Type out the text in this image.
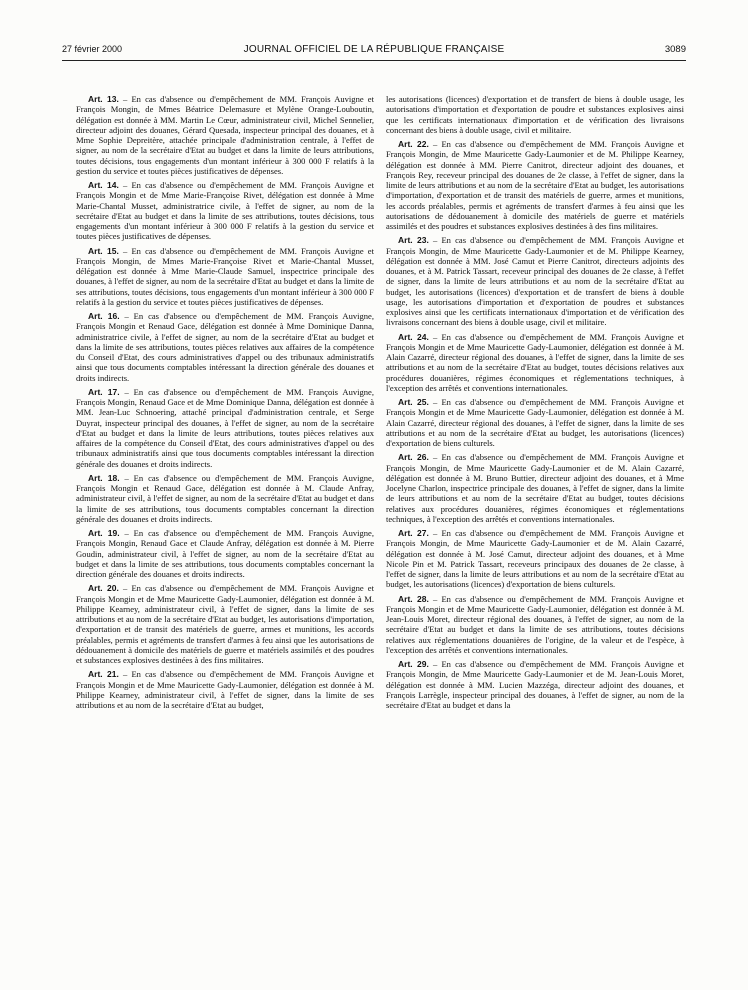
27 février 2000	JOURNAL OFFICIEL DE LA RÉPUBLIQUE FRANÇAISE	3089

Art. 13. – En cas d'absence ou d'empêchement de MM. François Auvigne et François Mongin, de Mmes Béatrice Delemasure et Mylène Orange-Louboutin, délégation est donnée à MM. Martin Le Cœur, administrateur civil, Michel Sennelier, directeur adjoint des douanes, Gérard Quesada, inspecteur principal des douanes, et à Mme Sophie Depreitère, attachée principale d'administration centrale, à l'effet de signer, au nom de la secrétaire d'Etat au budget et dans la limite de leurs attributions, toutes décisions, tous engagements d'un montant inférieur à 300 000 F relatifs à la gestion du service et toutes pièces justificatives de dépenses.

Art. 14. – En cas d'absence ou d'empêchement de MM. François Auvigne et François Mongin et de Mme Marie-Françoise Rivet, délégation est donnée à Mme Marie-Chantal Musset, administratrice civile, à l'effet de signer, au nom de la secrétaire d'Etat au budget et dans la limite de ses attributions, toutes décisions, tous engagements d'un montant inférieur à 300 000 F relatifs à la gestion du service et toutes pièces justificatives de dépenses.

Art. 15. – En cas d'absence ou d'empêchement de MM. François Auvigne et François Mongin, de Mmes Marie-Françoise Rivet et Marie-Chantal Musset, délégation est donnée à Mme Marie-Claude Samuel, inspectrice principale des douanes, à l'effet de signer, au nom de la secrétaire d'Etat au budget et dans la limite de ses attributions, toutes décisions, tous engagements d'un montant inférieur à 300 000 F relatifs à la gestion du service et toutes pièces justificatives de dépenses.

Art. 16. – En cas d'absence ou d'empêchement de MM. François Auvigne, François Mongin et Renaud Gace, délégation est donnée à Mme Dominique Danna, administratrice civile, à l'effet de signer, au nom de la secrétaire d'Etat au budget et dans la limite de ses attributions, toutes pièces relatives aux affaires de la compétence du Conseil d'Etat, des cours administratives d'appel ou des tribunaux administratifs ainsi que tous documents comptables intéressant la direction générale des douanes et droits indirects.

Art. 17. – En cas d'absence ou d'empêchement de MM. François Auvigne, François Mongin, Renaud Gace et de Mme Dominique Danna, délégation est donnée à MM. Jean-Luc Schnoering, attaché principal d'administration centrale, et Serge Duyrat, inspecteur principal des douanes, à l'effet de signer, au nom de la secrétaire d'Etat au budget et dans la limite de leurs attributions, toutes pièces relatives aux affaires de la compétence du Conseil d'Etat, des cours administratives d'appel ou des tribunaux administratifs ainsi que tous documents comptables intéressant la direction générale des douanes et droits indirects.

Art. 18. – En cas d'absence ou d'empêchement de MM. François Auvigne, François Mongin et Renaud Gace, délégation est donnée à M. Claude Anfray, administrateur civil, à l'effet de signer, au nom de la secrétaire d'Etat au budget et dans la limite de ses attributions, tous documents comptables concernant la direction générale des douanes et droits indirects.

Art. 19. – En cas d'absence ou d'empêchement de MM. François Auvigne, François Mongin, Renaud Gace et Claude Anfray, délégation est donnée à M. Pierre Goudin, administrateur civil, à l'effet de signer, au nom de la secrétaire d'Etat au budget et dans la limite de ses attributions, tous documents comptables concernant la direction générale des douanes et droits indirects.

Art. 20. – En cas d'absence ou d'empêchement de MM. François Auvigne et François Mongin et de Mme Mauricette Gady-Laumonier, délégation est donnée à M. Philippe Kearney, administrateur civil, à l'effet de signer, dans la limite de ses attributions et au nom de la secrétaire d'Etat au budget, les autorisations d'importation, d'exportation et de transit des matériels de guerre, armes et munitions, les accords préalables, permis et agréments de transfert d'armes à feu ainsi que les autorisations de dédouanement à domicile des matériels de guerre et matériels assimilés et des poudres et substances explosives destinées à des fins militaires.

Art. 21. – En cas d'absence ou d'empêchement de MM. François Auvigne et François Mongin et de Mme Mauricette Gady-Laumonier, délégation est donnée à M. Philippe Kearney, administrateur civil, à l'effet de signer, dans la limite de ses attributions et au nom de la secrétaire d'Etat au budget,

les autorisations (licences) d'exportation et de transfert de biens à double usage, les autorisations d'importation et d'exportation de poudre et substances explosives ainsi que les certificats internationaux d'importation et de vérification des livraisons concernant des biens à double usage, civil et militaire.

Art. 22. – En cas d'absence ou d'empêchement de MM. François Auvigne et François Mongin, de Mme Mauricette Gady-Laumonier et de M. Philippe Kearney, délégation est donnée à MM. Pierre Canitrot, directeur adjoint des douanes, et François Rey, receveur principal des douanes de 2e classe, à l'effet de signer, dans la limite de leurs attributions et au nom de la secrétaire d'Etat au budget, les autorisations d'importation, d'exportation et de transit des matériels de guerre, armes et munitions, les accords préalables, permis et agréments de transfert d'armes à feu ainsi que les autorisations de dédouanement à domicile des matériels de guerre et matériels assimilés et des poudres et substances explosives destinées à des fins militaires.

Art. 23. – En cas d'absence ou d'empêchement de MM. François Auvigne et François Mongin, de Mme Mauricette Gady-Laumonier et de M. Philippe Kearney, délégation est donnée à MM. José Camut et Pierre Canitrot, directeurs adjoints des douanes, et à M. Patrick Tassart, receveur principal des douanes de 2e classe, à l'effet de signer, dans la limite de leurs attributions et au nom de la secrétaire d'Etat au budget, les autorisations (licences) d'exportation et de transfert de biens à double usage, les autorisations d'importation et d'exportation de poudres et substances explosives ainsi que les certificats internationaux d'importation et de vérification des livraisons concernant des biens à double usage, civil et militaire.

Art. 24. – En cas d'absence ou d'empêchement de MM. François Auvigne et François Mongin et de Mme Mauricette Gady-Laumonier, délégation est donnée à M. Alain Cazarré, directeur régional des douanes, à l'effet de signer, dans la limite de ses attributions et au nom de la secrétaire d'Etat au budget, toutes décisions relatives aux procédures douanières, régimes économiques et réglementations techniques, à l'exception des arrêtés et conventions internationales.

Art. 25. – En cas d'absence ou d'empêchement de MM. François Auvigne et François Mongin et de Mme Mauricette Gady-Laumonier, délégation est donnée à M. Alain Cazarré, directeur régional des douanes, à l'effet de signer, dans la limite de ses attributions et au nom de la secrétaire d'Etat au budget, les autorisations (licences) d'exportation de biens culturels.

Art. 26. – En cas d'absence ou d'empêchement de MM. François Auvigne et François Mongin, de Mme Mauricette Gady-Laumonier et de M. Alain Cazarré, délégation est donnée à M. Bruno Buttier, directeur adjoint des douanes, et à Mme Jocelyne Charlon, inspectrice principale des douanes, à l'effet de signer, dans la limite de leurs attributions et au nom de la secrétaire d'Etat au budget, toutes décisions relatives aux procédures douanières, régimes économiques et réglementations techniques, à l'exception des arrêtés et conventions internationales.

Art. 27. – En cas d'absence ou d'empêchement de MM. François Auvigne et François Mongin, de Mme Mauricette Gady-Laumonier et de M. Alain Cazarré, délégation est donnée à M. José Camut, directeur adjoint des douanes, et à Mme Nicole Pin et M. Patrick Tassart, receveurs principaux des douanes de 2e classe, à l'effet de signer, dans la limite de leurs attributions et au nom de la secrétaire d'Etat au budget, les autorisations (licences) d'exportation de biens culturels.

Art. 28. – En cas d'absence ou d'empêchement de MM. François Auvigne et François Mongin et de Mme Mauricette Gady-Laumonier, délégation est donnée à M. Jean-Louis Moret, directeur régional des douanes, à l'effet de signer, au nom de la secrétaire d'Etat au budget et dans la limite de ses attributions, toutes décisions relatives aux réglementations douanières de l'origine, de la valeur et de l'espèce, à l'exception des arrêtés et conventions internationales.

Art. 29. – En cas d'absence ou d'empêchement de MM. François Auvigne et François Mongin, de Mme Mauricette Gady-Laumonier et de M. Jean-Louis Moret, délégation est donnée à MM. Lucien Mazzéga, directeur adjoint des douanes, et François Larrègle, inspecteur principal des douanes, à l'effet de signer, au nom de la secrétaire d'Etat au budget et dans la
